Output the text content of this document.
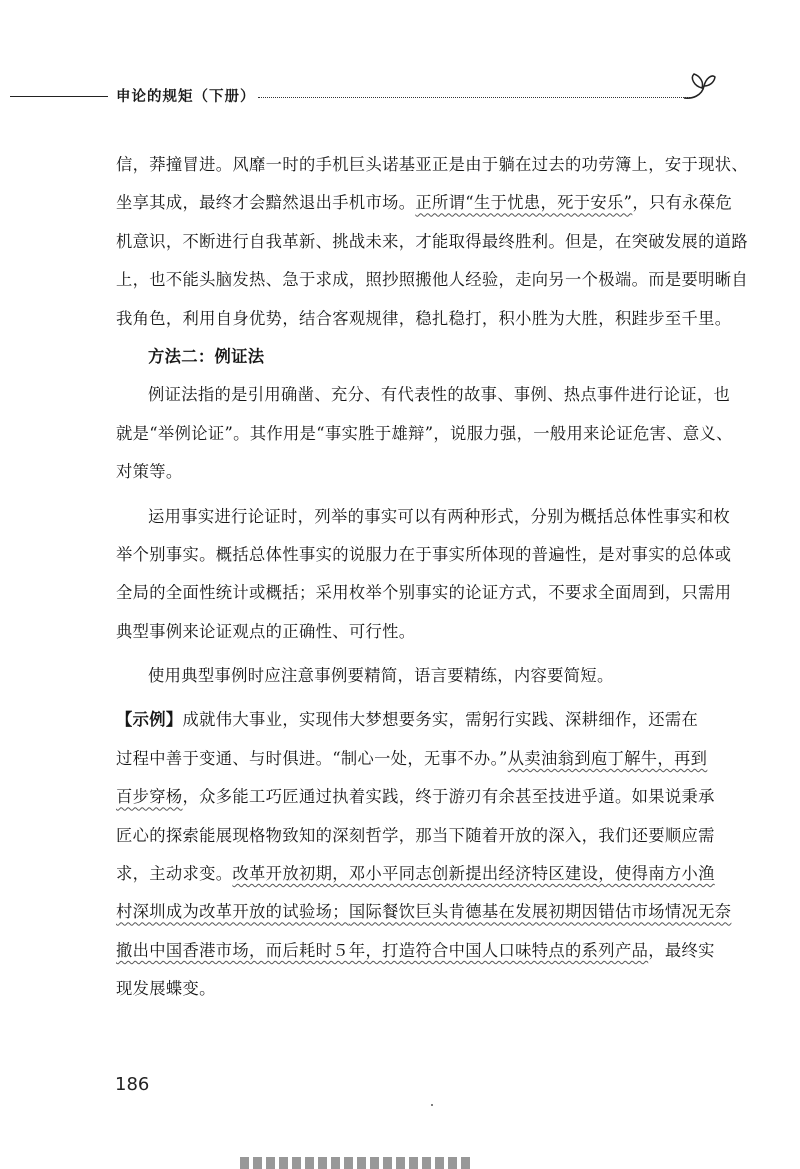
申论的规矩（下册）
信，莽撞冒进。风靡一时的手机巨头诺基亚正是由于躺在过去的功劳簿上，安于现状、
坐享其成，最终才会黯然退出手机市场。正所谓“生于忧患，死于安乐”，只有永葆危
机意识，不断进行自我革新、挑战未来，才能取得最终胜利。但是，在突破发展的道路
上，也不能头脑发热、急于求成，照抄照搬他人经验，走向另一个极端。而是要明晰自
我角色，利用自身优势，结合客观规律，稳扎稳打，积小胜为大胜，积跬步至千里。
方法二：例证法
例证法指的是引用确凿、充分、有代表性的故事、事例、热点事件进行论证，也
就是“举例论证”。其作用是“事实胜于雄辩”，说服力强，一般用来论证危害、意义、
对策等。
运用事实进行论证时，列举的事实可以有两种形式，分别为概括总体性事实和枚
举个别事实。概括总体性事实的说服力在于事实所体现的普遍性，是对事实的总体或
全局的全面性统计或概括；采用枚举个别事实的论证方式，不要求全面周到，只需用
典型事例来论证观点的正确性、可行性。
使用典型事例时应注意事例要精简，语言要精练，内容要简短。
【示例】成就伟大事业，实现伟大梦想要务实，需躬行实践、深耕细作，还需在
过程中善于变通、与时俱进。“制心一处，无事不办。”从卖油翁到庖丁解牛，再到
百步穿杨，众多能工巧匠通过执着实践，终于游刃有余甚至技进乎道。如果说秉承
匠心的探索能展现格物致知的深刻哲学，那当下随着开放的深入，我们还要顺应需
求，主动求变。改革开放初期，邓小平同志创新提出经济特区建设，使得南方小渔
村深圳成为改革开放的试验场；国际餐饮巨头肯德基在发展初期因错估市场情况无奈
撤出中国香港市场，而后耗时５年，打造符合中国人口味特点的系列产品，最终实
现发展蝶变。
186
